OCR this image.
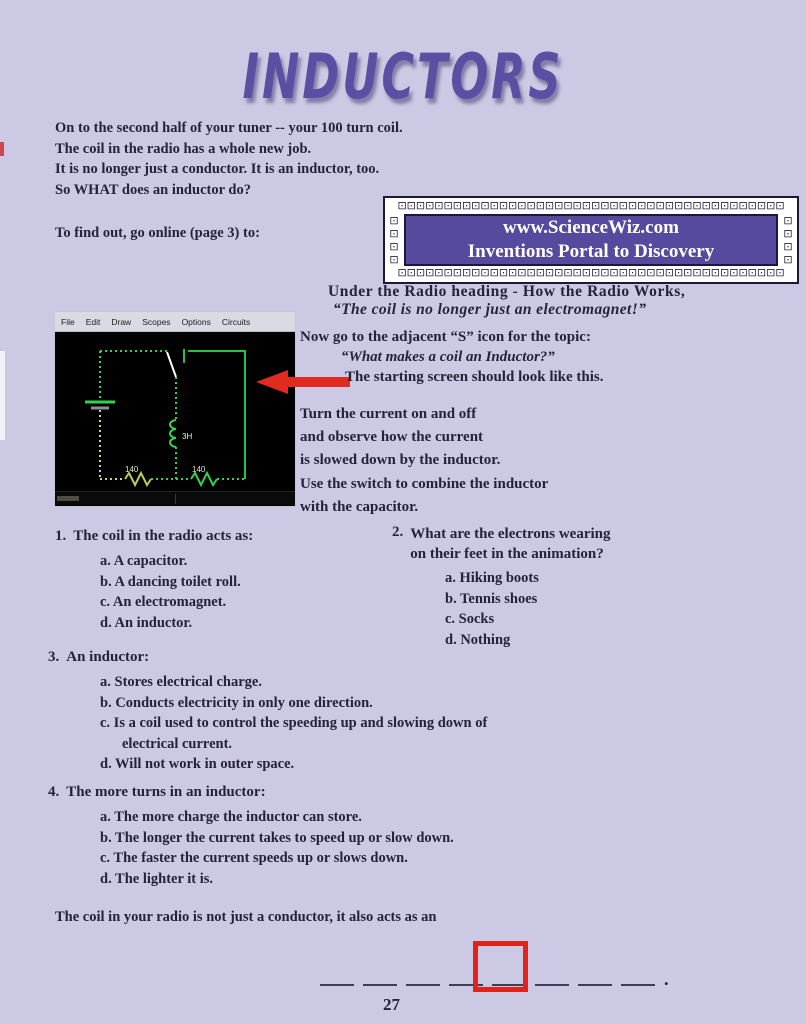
INDUCTORS
On to the second half of your tuner -- your 100 turn coil.
The coil in the radio has a whole new job.
It is no longer just a conductor. It is an inductor, too.
So WHAT does an inductor do?
To find out, go online (page 3) to:
⊡⊡⊡⊡⊡⊡⊡⊡⊡⊡⊡⊡⊡⊡⊡⊡⊡⊡⊡⊡⊡⊡⊡⊡⊡⊡⊡⊡⊡⊡⊡⊡⊡⊡⊡⊡⊡⊡⊡⊡⊡⊡ ⊡
⊡
⊡
⊡	www.ScienceWiz.com
Inventions Portal to Discovery
⊡
⊡
⊡
⊡
⊡⊡⊡⊡⊡⊡⊡⊡⊡⊡⊡⊡⊡⊡⊡⊡⊡⊡⊡⊡⊡⊡⊡⊡⊡⊡⊡⊡⊡⊡⊡⊡⊡⊡⊡⊡⊡⊡⊡⊡⊡⊡
Under the Radio heading - How the Radio Works,
“The coil is no longer just an electromagnet!”
File Edit Draw Scopes Options Circuits
3H
140	140
Now go to the adjacent “S” icon for the topic:
“What makes a coil an Inductor?”
The starting screen should look like this.
Turn the current on and off
and observe how the current
is slowed down by the inductor.
Use the switch to combine the inductor
with the capacitor.
1. The coil in the radio acts as:
a. A capacitor.
b. A dancing toilet roll.
c. An electromagnet.
d. An inductor.
2. What are the electrons wearing
on their feet in the animation?
a. Hiking boots
b. Tennis shoes
c. Socks
d. Nothing
3. An inductor:
a. Stores electrical charge.
b. Conducts electricity in only one direction.
c. Is a coil used to control the speeding up and slowing down of electrical current.
d. Will not work in outer space.
4. The more turns in an inductor:
a. The more charge the inductor can store.
b. The longer the current takes to speed up or slow down.
c. The faster the current speeds up or slows down.
d. The lighter it is.
The coil in your radio is not just a conductor, it also acts as an
.
27
